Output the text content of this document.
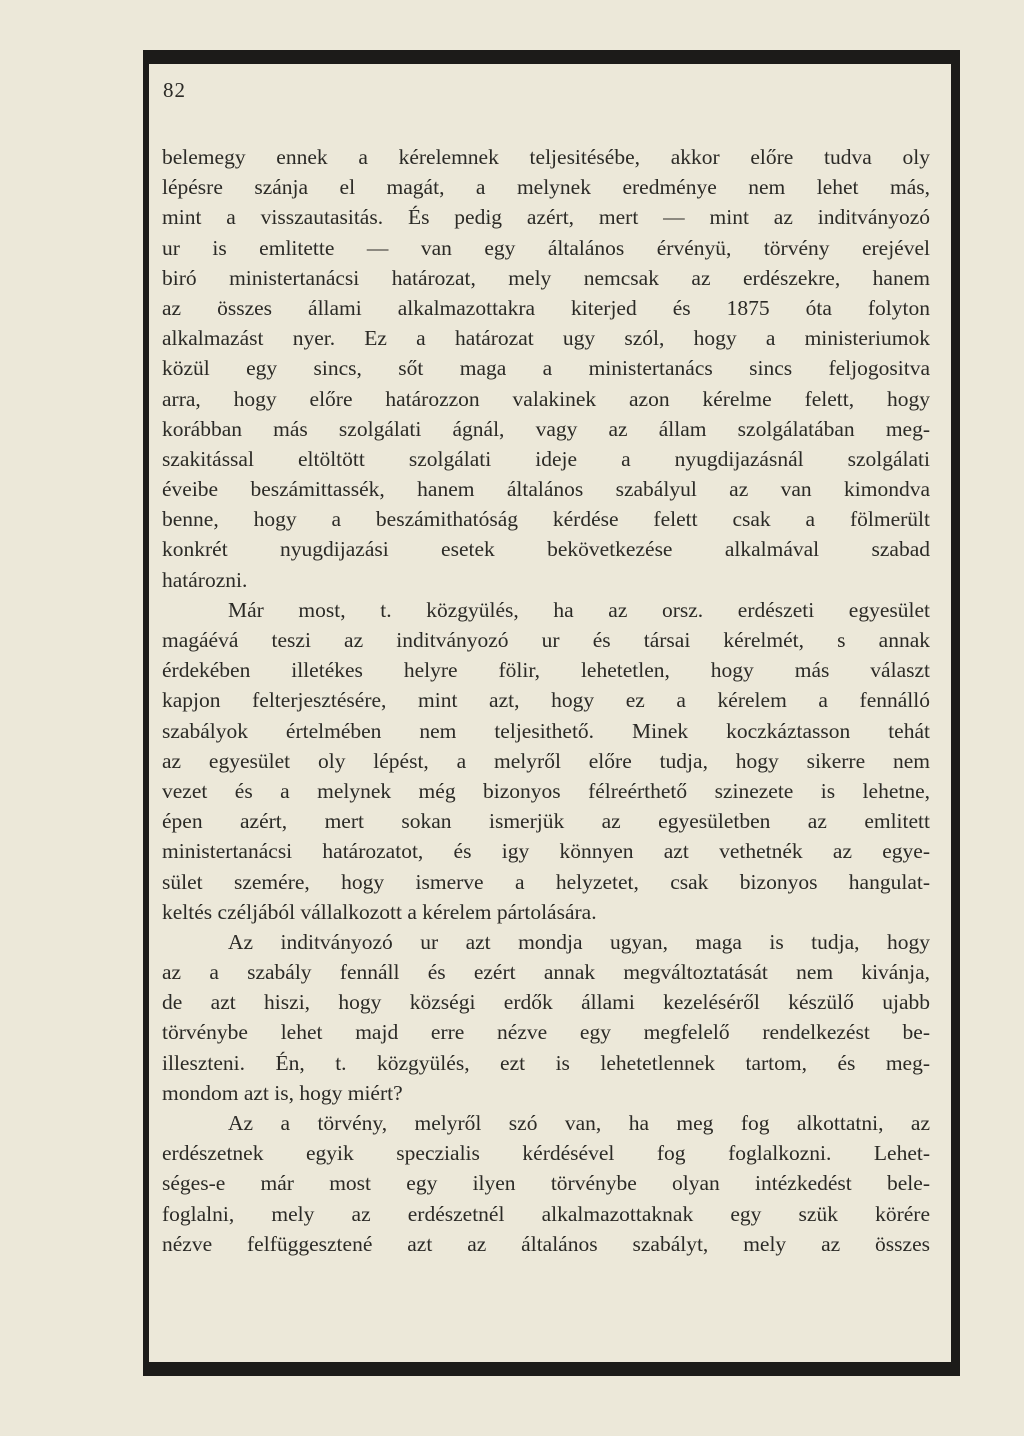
82
belemegy ennek a kérelemnek teljesitésébe, akkor előre tudva oly
lépésre szánja el magát, a melynek eredménye nem lehet más,
mint a visszautasitás. És pedig azért, mert — mint az inditványozó
ur is emlitette — van egy általános érvényü, törvény erejével
biró ministertanácsi határozat, mely nemcsak az erdészekre, hanem
az összes állami alkalmazottakra kiterjed és 1875 óta folyton
alkalmazást nyer. Ez a határozat ugy szól, hogy a ministeriumok
közül egy sincs, sőt maga a ministertanács sincs feljogositva
arra, hogy előre határozzon valakinek azon kérelme felett, hogy
korábban más szolgálati ágnál, vagy az állam szolgálatában meg-
szakitással eltöltött szolgálati ideje a nyugdijazásnál szolgálati
éveibe beszámittassék, hanem általános szabályul az van kimondva
benne, hogy a beszámithatóság kérdése felett csak a fölmerült
konkrét nyugdijazási esetek bekövetkezése alkalmával szabad
határozni.
Már most, t. közgyülés, ha az orsz. erdészeti egyesület
magáévá teszi az inditványozó ur és társai kérelmét, s annak
érdekében illetékes helyre fölir, lehetetlen, hogy más választ
kapjon felterjesztésére, mint azt, hogy ez a kérelem a fennálló
szabályok értelmében nem teljesithető. Minek koczkáztasson tehát
az egyesület oly lépést, a melyről előre tudja, hogy sikerre nem
vezet és a melynek még bizonyos félreérthető szinezete is lehetne,
épen azért, mert sokan ismerjük az egyesületben az emlitett
ministertanácsi határozatot, és igy könnyen azt vethetnék az egye-
sület szemére, hogy ismerve a helyzetet, csak bizonyos hangulat-
keltés czéljából vállalkozott a kérelem pártolására.
Az inditványozó ur azt mondja ugyan, maga is tudja, hogy
az a szabály fennáll és ezért annak megváltoztatását nem kivánja,
de azt hiszi, hogy községi erdők állami kezeléséről készülő ujabb
törvénybe lehet majd erre nézve egy megfelelő rendelkezést be-
illeszteni. Én, t. közgyülés, ezt is lehetetlennek tartom, és meg-
mondom azt is, hogy miért?
Az a törvény, melyről szó van, ha meg fog alkottatni, az
erdészetnek egyik speczialis kérdésével fog foglalkozni. Lehet-
séges-e már most egy ilyen törvénybe olyan intézkedést bele-
foglalni, mely az erdészetnél alkalmazottaknak egy szük körére
nézve felfüggesztené azt az általános szabályt, mely az összes
